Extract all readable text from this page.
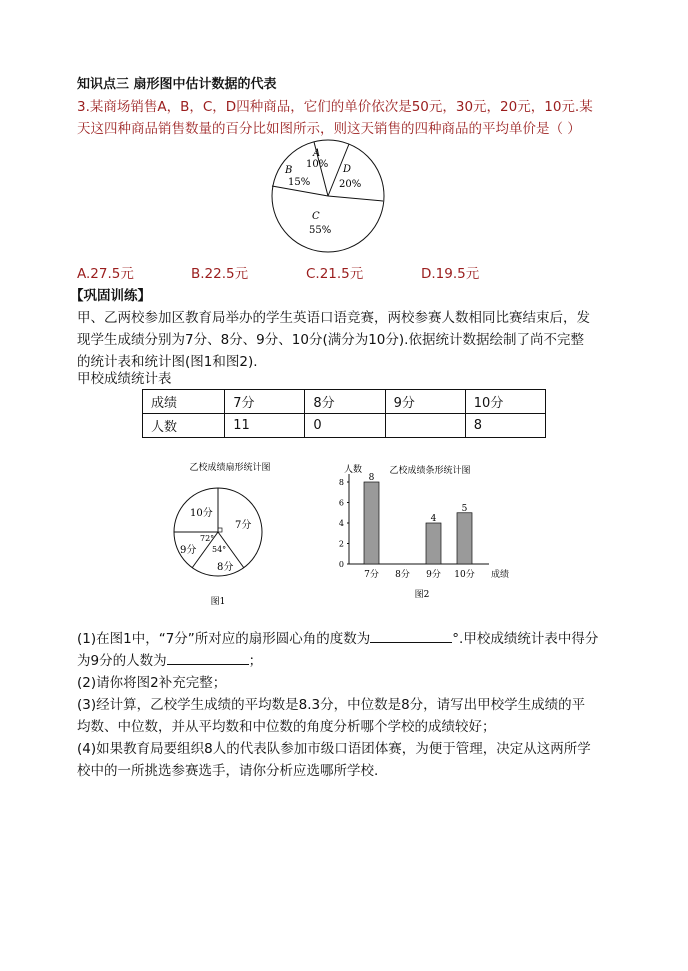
知识点三 扇形图中估计数据的代表
3.某商场销售A，B，C，D四种商品，它们的单价依次是50元，30元，20元，10元.某
天这四种商品销售数量的百分比如图所示，则这天销售的四种商品的平均单价是（ ）
A
10% D
20%
C
55%
B
15%
A.27.5元	B.22.5元	C.21.5元	D.19.5元
【巩固训练】
甲、乙两校参加区教育局举办的学生英语口语竞赛，两校参赛人数相同比赛结束后，发
现学生成绩分别为7分、8分、9分、10分(满分为10分).依据统计数据绘制了尚不完整
的统计表和统计图(图1和图2).
甲校成绩统计表
成绩	7分	8分	9分	10分
人数	11	0		8
乙校成绩扇形统计图
10分
7分
9分
8分
72°
54°
图1
乙校成绩条形统计图
人数
成绩
0
2
4
6
8
7分
8
8分 9分
4
10分
5
图2
(1)在图1中，“7分”所对应的扇形圆心角的度数为	°.甲校成绩统计表中得分
为9分的人数为	；
(2)请你将图2补充完整；
(3)经计算，乙校学生成绩的平均数是8.3分，中位数是8分，请写出甲校学生成绩的平
均数、中位数，并从平均数和中位数的角度分析哪个学校的成绩较好；
(4)如果教育局要组织8人的代表队参加市级口语团体赛，为便于管理，决定从这两所学
校中的一所挑选参赛选手，请你分析应选哪所学校.
